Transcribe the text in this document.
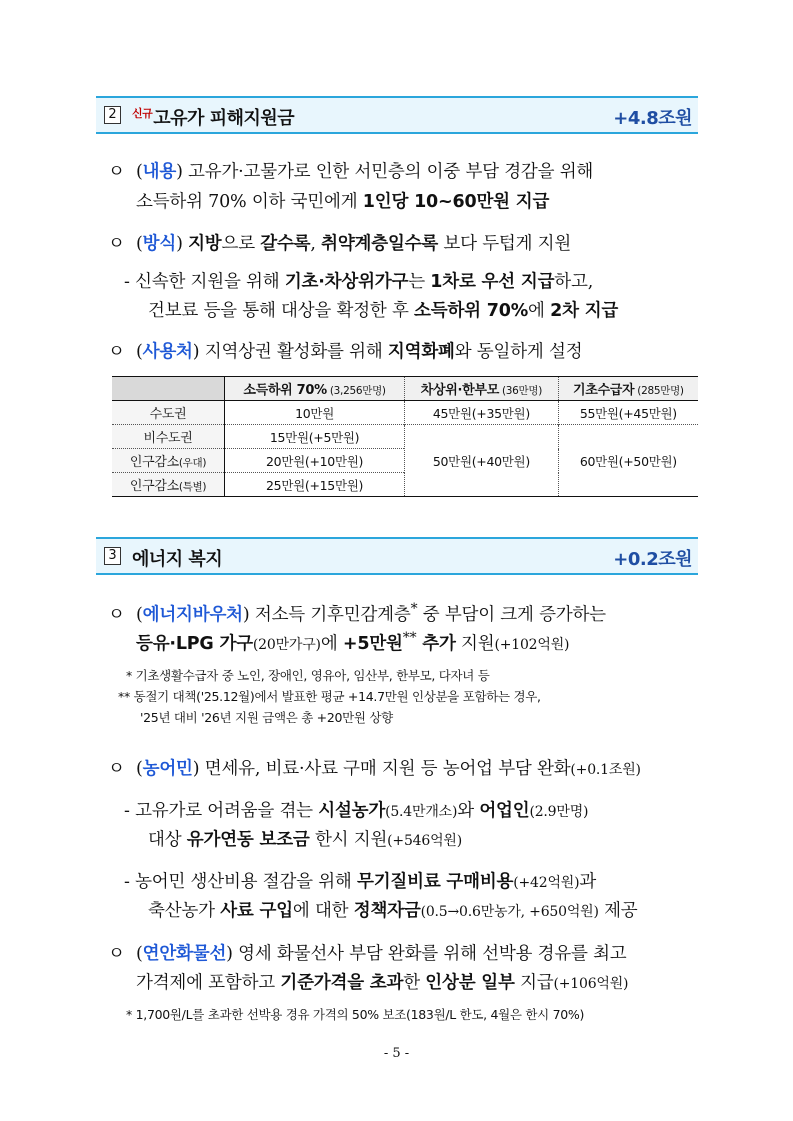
2	$^{신규}$고유가 피해지원금	+4.8조원
ㅇ (내용) 고유가·고물가로 인한 서민층의 이중 부담 경감을 위해
소득하위 70% 이하 국민에게 1인당 10~60만원 지급
ㅇ (방식) 지방으로 갈수록, 취약계층일수록 보다 두텁게 지원
- 신속한 지원을 위해 기초·차상위가구는 1차로 우선 지급하고,
건보료 등을 통해 대상을 확정한 후 소득하위 70%에 2차 지급
ㅇ (사용처) 지역상권 활성화를 위해 지역화폐와 동일하게 설정
	소득하위 70% (3,256만명)	차상위·한부모 (36만명)	기초수급자 (285만명)
수도권	10만원	45만원(+35만원)	55만원(+45만원)
비수도권	15만원(+5만원)	50만원(+40만원)	60만원(+50만원)
인구감소(우대)	20만원(+10만원)		
인구감소(특별)	25만원(+15만원)		
3 에너지 복지	+0.2조원
ㅇ (에너지바우처) 저소득 기후민감계층* 중 부담이 크게 증가하는
등유·LPG 가구(20만가구)에 +5만원** 추가 지원(+102억원)
* 기초생활수급자 중 노인, 장애인, 영유아, 임산부, 한부모, 다자녀 등
** 동절기 대책('25.12월)에서 발표한 평균 +14.7만원 인상분을 포함하는 경우,
'25년 대비 '26년 지원 금액은 총 +20만원 상향
ㅇ (농어민) 면세유, 비료·사료 구매 지원 등 농어업 부담 완화(+0.1조원)
- 고유가로 어려움을 겪는 시설농가(5.4만개소)와 어업인(2.9만명)
대상 유가연동 보조금 한시 지원(+546억원)
- 농어민 생산비용 절감을 위해 무기질비료 구매비용(+42억원)과
축산농가 사료 구입에 대한 정책자금(0.5→0.6만농가, +650억원) 제공
ㅇ (연안화물선) 영세 화물선사 부담 완화를 위해 선박용 경유를 최고
가격제에 포함하고 기준가격을 초과한 인상분 일부 지급(+106억원)
* 1,700원/L를 초과한 선박용 경유 가격의 50% 보조(183원/L 한도, 4월은 한시 70%)
- 5 -
